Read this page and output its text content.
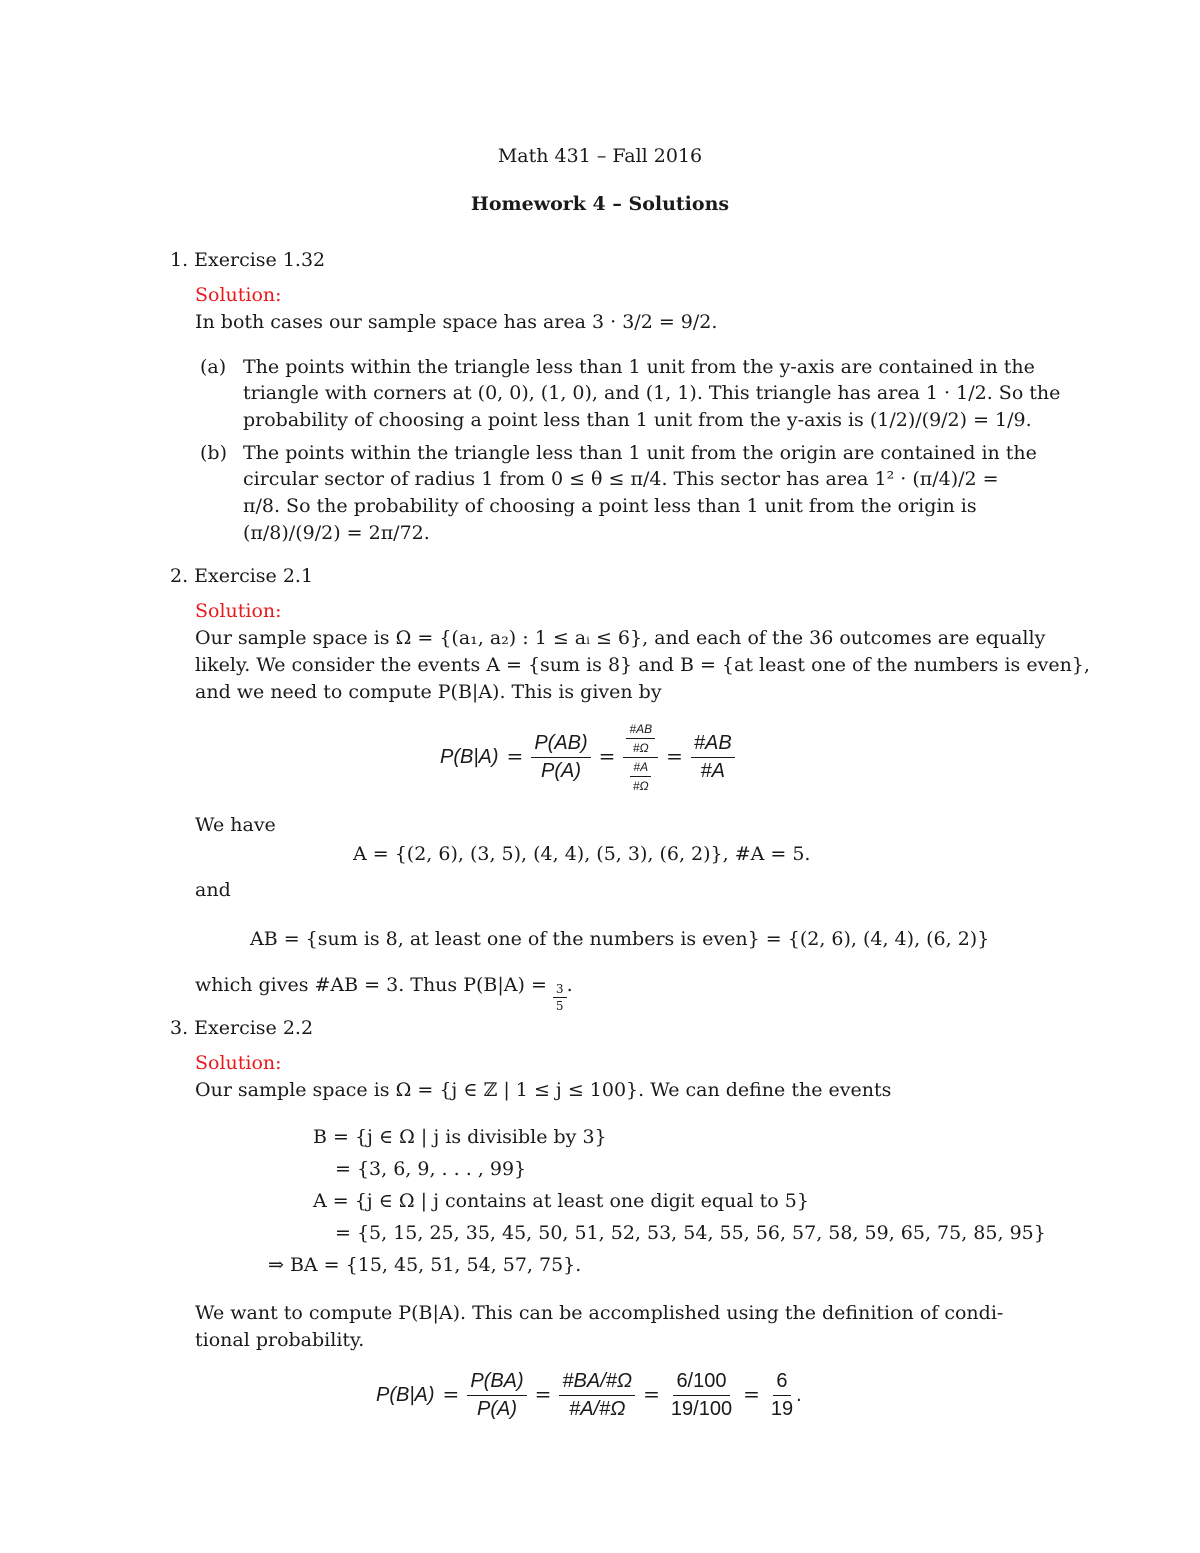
Math 431 – Fall 2016
Homework 4 – Solutions
1. Exercise 1.32
Solution:
In both cases our sample space has area 3 · 3/2 = 9/2.
(a) The points within the triangle less than 1 unit from the y-axis are contained in the
triangle with corners at (0, 0), (1, 0), and (1, 1). This triangle has area 1 · 1/2. So the
probability of choosing a point less than 1 unit from the y-axis is (1/2)/(9/2) = 1/9.
(b) The points within the triangle less than 1 unit from the origin are contained in the
circular sector of radius 1 from 0 ≤ θ ≤ π/4. This sector has area 1² · (π/4)/2 =
π/8. So the probability of choosing a point less than 1 unit from the origin is
(π/8)/(9/2) = 2π/72.
2. Exercise 2.1
Solution:
Our sample space is Ω = {(a₁, a₂) : 1 ≤ aᵢ ≤ 6}, and each of the 36 outcomes are equally
likely. We consider the events A = {sum is 8} and B = {at least one of the numbers is even},
and we need to compute P(B|A). This is given by
$P(B|A) = \frac{P(AB)}{P(A)} = \frac{\frac{\#AB}{\#\Omega}}{\frac{\#A}{\#\Omega}} = \frac{\#AB}{\#A}$
We have
A = {(2, 6), (3, 5), (4, 4), (5, 3), (6, 2)}, #A = 5.
and
AB = {sum is 8, at least one of the numbers is even} = {(2, 6), (4, 4), (6, 2)}
which gives #AB = 3. Thus $P(B|A) = \frac{3}{5}$ .
3. Exercise 2.2
Solution:
Our sample space is Ω = {j ∈ ℤ | 1 ≤ j ≤ 100}. We can define the events
B = {j ∈ Ω | j is divisible by 3}
= {3, 6, 9, . . . , 99}
A = {j ∈ Ω | j contains at least one digit equal to 5}
= {5, 15, 25, 35, 45, 50, 51, 52, 53, 54, 55, 56, 57, 58, 59, 65, 75, 85, 95}
⇒ BA = {15, 45, 51, 54, 57, 75}.
We want to compute P(B|A). This can be accomplished using the definition of condi-
tional probability.
$P(B|A) = \frac{P(BA)}{P(A)} = \frac{\#BA/\#\Omega}{\#A/\#\Omega} = \frac{6/100}{19/100} = \frac{6}{19}$ .
